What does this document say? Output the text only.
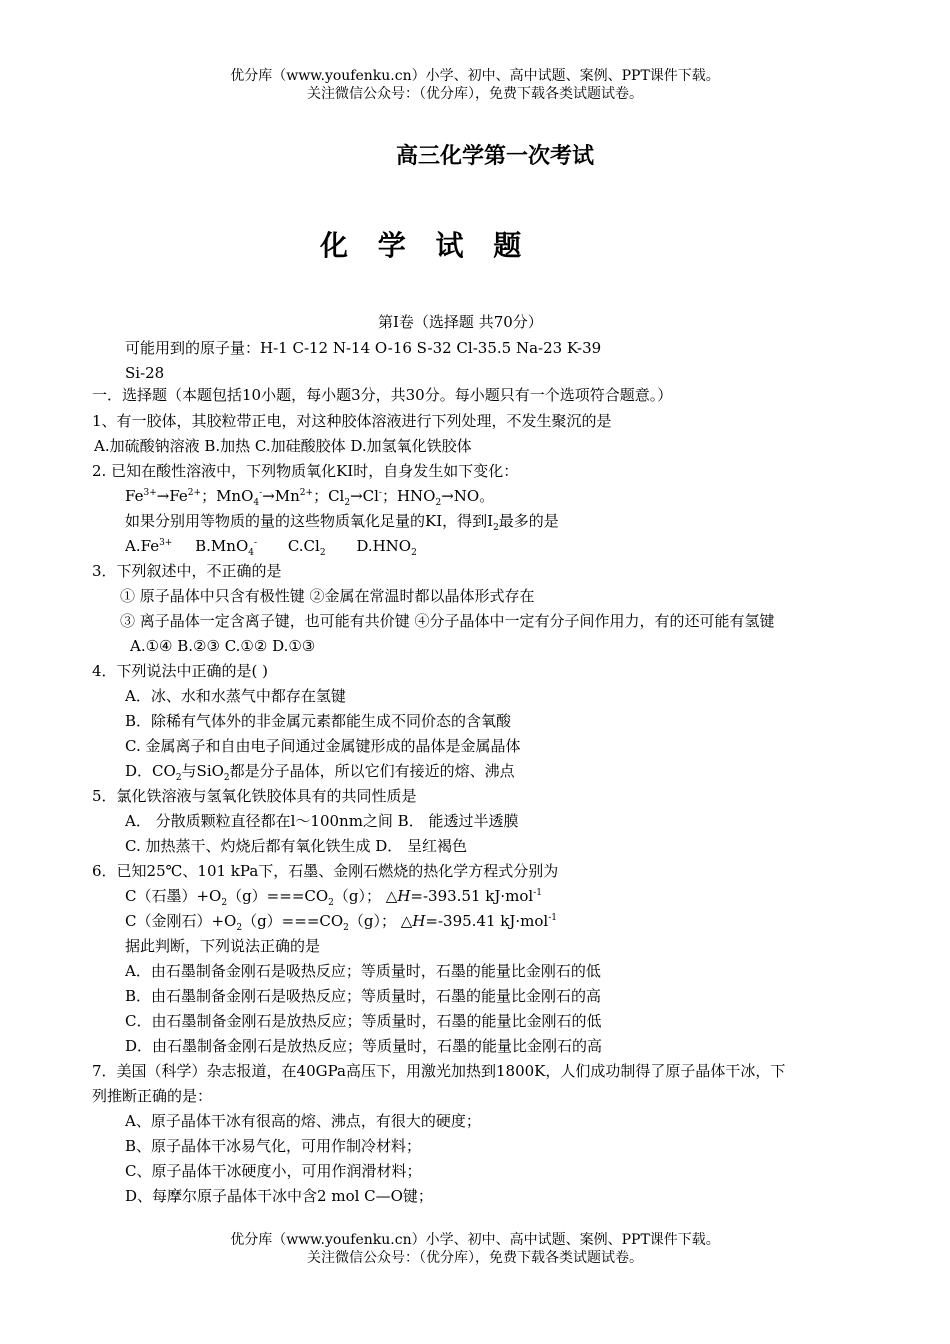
优分库（www.youfenku.cn）小学、初中、高中试题、案例、PPT课件下载。
关注微信公众号：（优分库），免费下载各类试题试卷。
高三化学第一次考试
化 学 试 题
第Ⅰ卷（选择题 共70分）
可能用到的原子量：H-1 C-12 N-14 O-16 S-32 Cl-35.5 Na-23 K-39
Si-28
一．选择题（本题包括10小题，每小题3分，共30分。每小题只有一个选项符合题意。）
1、有一胶体，其胶粒带正电，对这种胶体溶液进行下列处理，不发生聚沉的是
A.加硫酸钠溶液 B.加热 C.加硅酸胶体 D.加氢氧化铁胶体
2. 已知在酸性溶液中，下列物质氧化KI时，自身发生如下变化：
$Fe^{3+}\to Fe^{2+}$；$MnO_4^-\to Mn^{2+}$；$Cl_2\to Cl^-$；$HNO_2\to NO$。
如果分别用等物质的量的这些物质氧化足量的KI，得到$I_2$最多的是
$A.Fe^{3+}$ B.MnO$_4$- $C.Cl_2$ $D.HNO_2$
3．下列叙述中，不正确的是
① 原子晶体中只含有极性键 ②金属在常温时都以晶体形式存在
③ 离子晶体一定含离子键，也可能有共价键 ④分子晶体中一定有分子间作用力，有的还可能有氢键
A.①④ B.②③ C.①② D.①③
4．下列说法中正确的是( )
A．冰、水和水蒸气中都存在氢键
B．除稀有气体外的非金属元素都能生成不同价态的含氧酸
C. 金属离子和自由电子间通过金属键形成的晶体是金属晶体
D．$CO_2$与SiO$_2$都是分子晶体，所以它们有接近的熔、沸点
5．氯化铁溶液与氢氧化铁胶体具有的共同性质是
A． 分散质颗粒直径都在l～100nm之间 B． 能透过半透膜
C. 加热蒸干、灼烧后都有氧化铁生成 D． 呈红褐色
6．已知25℃、101 kPa下，石墨、金刚石燃烧的热化学方程式分别为
C（石墨）$+O_2(g)===CO_2(g)$； △H=-393.51 kJ·mol$^{-1}$
C（金刚石）$+O_2(g)===CO_2(g)$； △H=-395.41 kJ·mol$^{-1}$
据此判断，下列说法正确的是
A．由石墨制备金刚石是吸热反应；等质量时，石墨的能量比金刚石的低
B．由石墨制备金刚石是吸热反应；等质量时，石墨的能量比金刚石的高
C．由石墨制备金刚石是放热反应；等质量时，石墨的能量比金刚石的低
D．由石墨制备金刚石是放热反应；等质量时，石墨的能量比金刚石的高
7．美国（科学）杂志报道，在40GPa高压下，用激光加热到1800K，人们成功制得了原子晶体干冰，下
列推断正确的是：
A、原子晶体干冰有很高的熔、沸点，有很大的硬度；
B、原子晶体干冰易气化，可用作制冷材料；
C、原子晶体干冰硬度小，可用作润滑材料；
D、每摩尔原子晶体干冰中含2 mol C—O键；
优分库（www.youfenku.cn）小学、初中、高中试题、案例、PPT课件下载。
关注微信公众号：（优分库），免费下载各类试题试卷。
